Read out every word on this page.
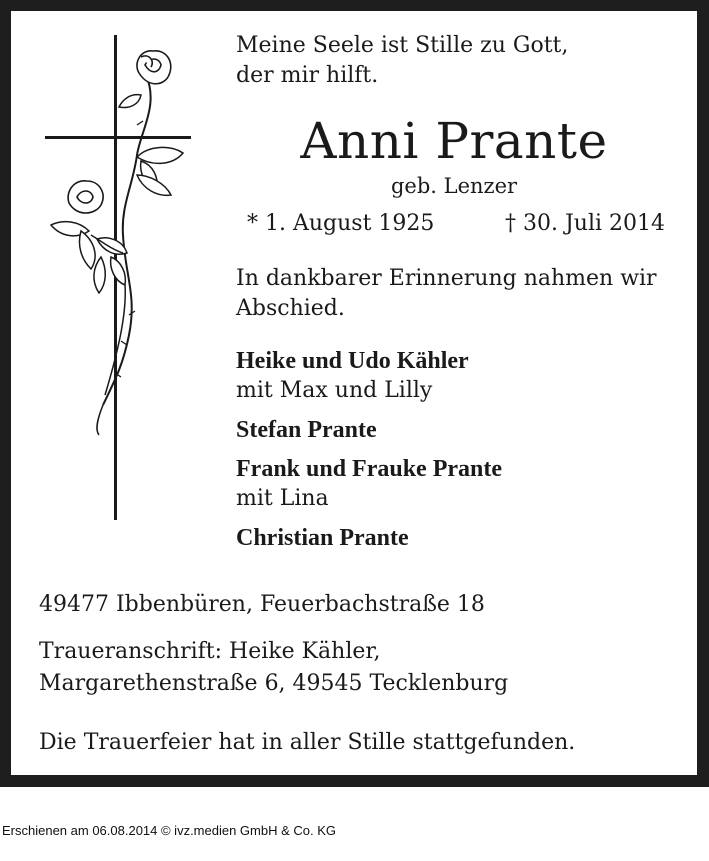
Meine Seele ist Stille zu Gott,
der mir hilft.
Anni Prante
geb. Lenzer
* 1. August 1925	† 30. Juli 2014
In dankbarer Erinnerung nahmen wir Abschied.
Heike und Udo Kähler
mit Max und Lilly
Stefan Prante
Frank und Frauke Prante
mit Lina
Christian Prante
49477 Ibbenbüren, Feuerbachstraße 18
Traueranschrift: Heike Kähler,
Margarethenstraße 6, 49545 Tecklenburg
Die Trauerfeier hat in aller Stille stattgefunden.
Erschienen am 06.08.2014 © ivz.medien GmbH & Co. KG
